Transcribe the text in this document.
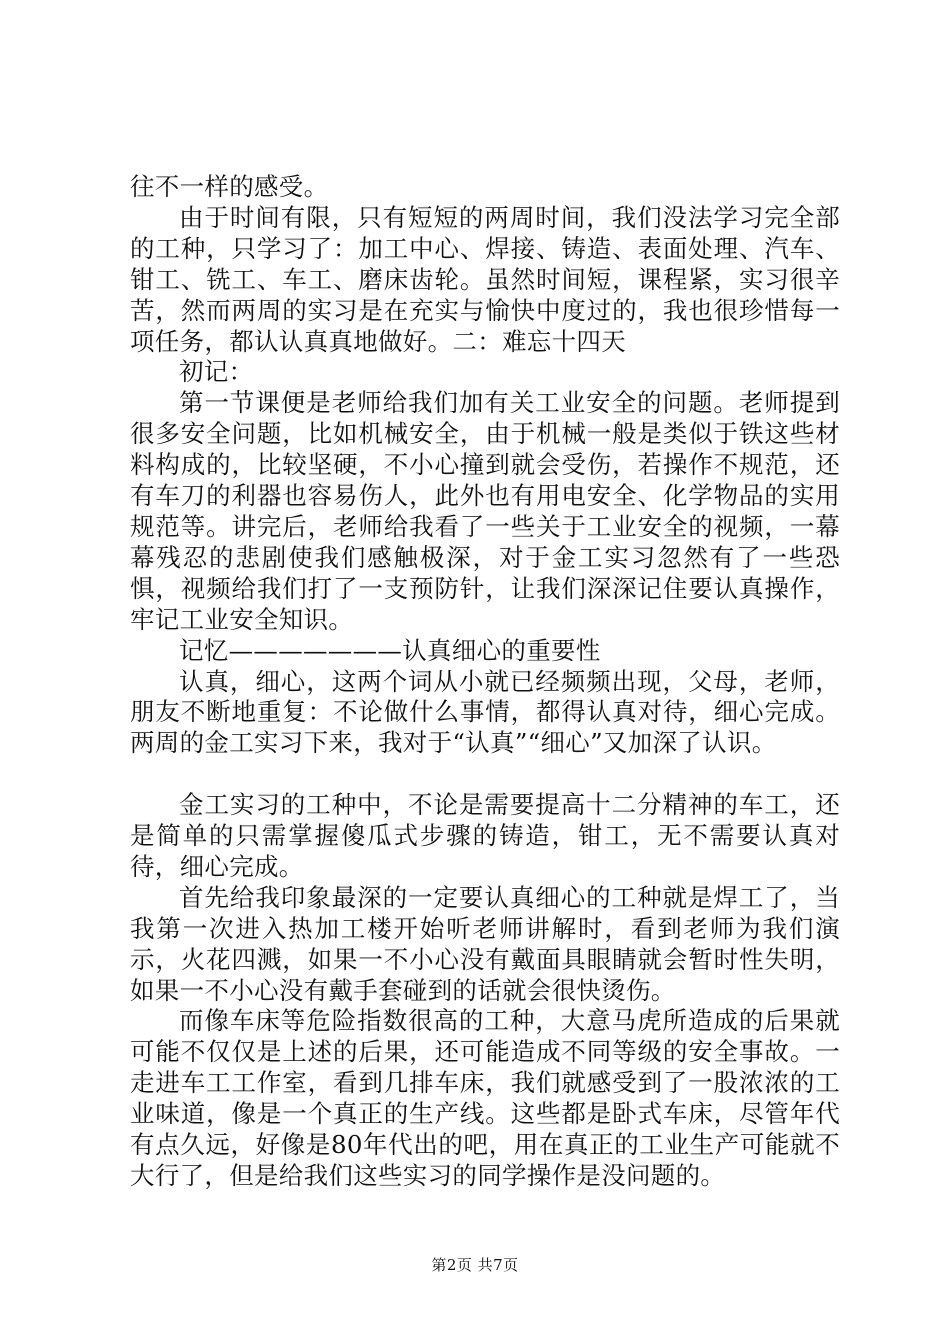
往不一样的感受。

由于时间有限，只有短短的两周时间，我们没法学习完全部的工种，只学习了：加工中心、焊接、铸造、表面处理、汽车、钳工、铣工、车工、磨床齿轮。虽然时间短，课程紧，实习很辛苦，然而两周的实习是在充实与愉快中度过的，我也很珍惜每一项任务，都认认真真地做好。二：难忘十四天

初记：

第一节课便是老师给我们加有关工业安全的问题。老师提到很多安全问题，比如机械安全，由于机械一般是类似于铁这些材料构成的，比较坚硬，不小心撞到就会受伤，若操作不规范，还有车刀的利器也容易伤人，此外也有用电安全、化学物品的实用规范等。讲完后，老师给我看了一些关于工业安全的视频，一幕幕残忍的悲剧使我们感触极深，对于金工实习忽然有了一些恐惧，视频给我们打了一支预防针，让我们深深记住要认真操作，牢记工业安全知识。

记忆———————认真细心的重要性

认真，细心，这两个词从小就已经频频出现，父母，老师，朋友不断地重复：不论做什么事情，都得认真对待，细心完成。两周的金工实习下来，我对于“认真”“细心”又加深了认识。

金工实习的工种中，不论是需要提高十二分精神的车工，还是简单的只需掌握傻瓜式步骤的铸造，钳工，无不需要认真对待，细心完成。

首先给我印象最深的一定要认真细心的工种就是焊工了，当我第一次进入热加工楼开始听老师讲解时，看到老师为我们演示，火花四溅，如果一不小心没有戴面具眼睛就会暂时性失明，如果一不小心没有戴手套碰到的话就会很快烫伤。

而像车床等危险指数很高的工种，大意马虎所造成的后果就可能不仅仅是上述的后果，还可能造成不同等级的安全事故。一走进车工工作室，看到几排车床，我们就感受到了一股浓浓的工业味道，像是一个真正的生产线。这些都是卧式车床，尽管年代有点久远，好像是80年代出的吧，用在真正的工业生产可能就不大行了，但是给我们这些实习的同学操作是没问题的。

第2页 共7页
